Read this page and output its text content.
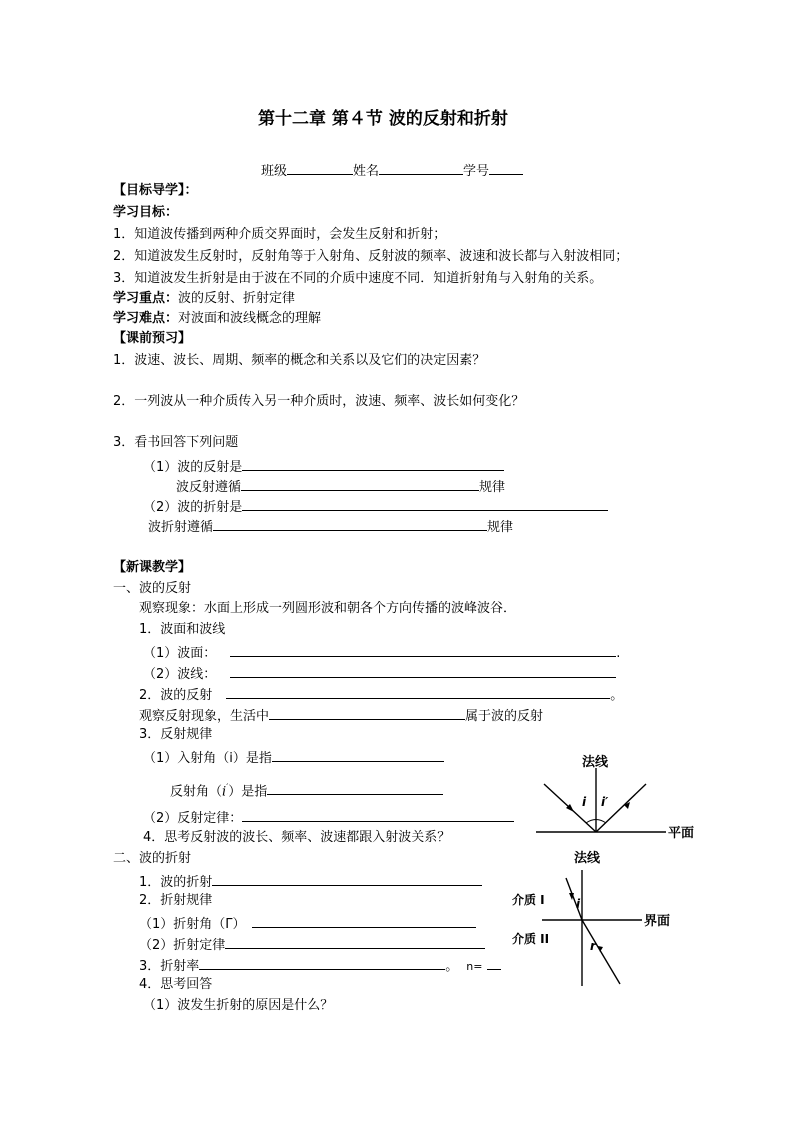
第十二章 第４节 波的反射和折射
班级	姓名	学号
【目标导学】：
学习目标：
1．知道波传播到两种介质交界面时，会发生反射和折射；
2．知道波发生反射时，反射角等于入射角、反射波的频率、波速和波长都与入射波相同；
3．知道波发生折射是由于波在不同的介质中速度不同．知道折射角与入射角的关系。
学习重点：波的反射、折射定律
学习难点：对波面和波线概念的理解
【课前预习】
1．波速、波长、周期、频率的概念和关系以及它们的决定因素？
2．一列波从一种介质传入另一种介质时，波速、频率、波长如何变化？
3．看书回答下列问题
（1）波的反射是
波反射遵循	规律
（2）波的折射是
波折射遵循	规律
【新课教学】
一、波的反射
观察现象：水面上形成一列圆形波和朝各个方向传播的波峰波谷．
1．波面和波线
（1）波面：	.
（2）波线：
2．波的反射	。
观察反射现象，生活中	属于波的反射
3．反射规律
（1）入射角（i）是指
反射角（i′）是指
（2）反射定律：
4．思考反射波的波长、频率、波速都跟入射波关系？
二、波的折射
1．波的折射
2．折射规律
（1）折射角（Γ）
（2）折射定律
3．折射率	。 n=
4．思考回答
（1）波发生折射的原因是什么？
法线
平面
i i′
法线
介质 I
介质 II
界面
i
r
